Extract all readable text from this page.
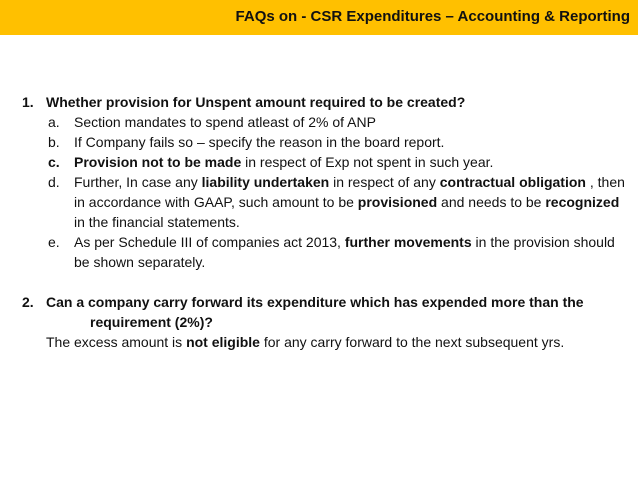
FAQs on - CSR Expenditures – Accounting & Reporting
1. Whether provision for Unspent amount required to be created?
a.	Section mandates to spend atleast of 2% of ANP
b.	If Company fails so – specify the reason in the board report.
c.	Provision not to be made in respect of Exp not spent in such year.
d.	Further, In case any liability undertaken in respect of any contractual obligation , then in accordance with GAAP, such amount to be provisioned and needs to be recognized in the financial statements.
e.	As per Schedule III of companies act 2013, further movements in the provision should be shown separately.
2. Can a company carry forward its expenditure which has expended more than therequirement (2%)?
The excess amount is not eligible for any carry forward to the next subsequent yrs.
